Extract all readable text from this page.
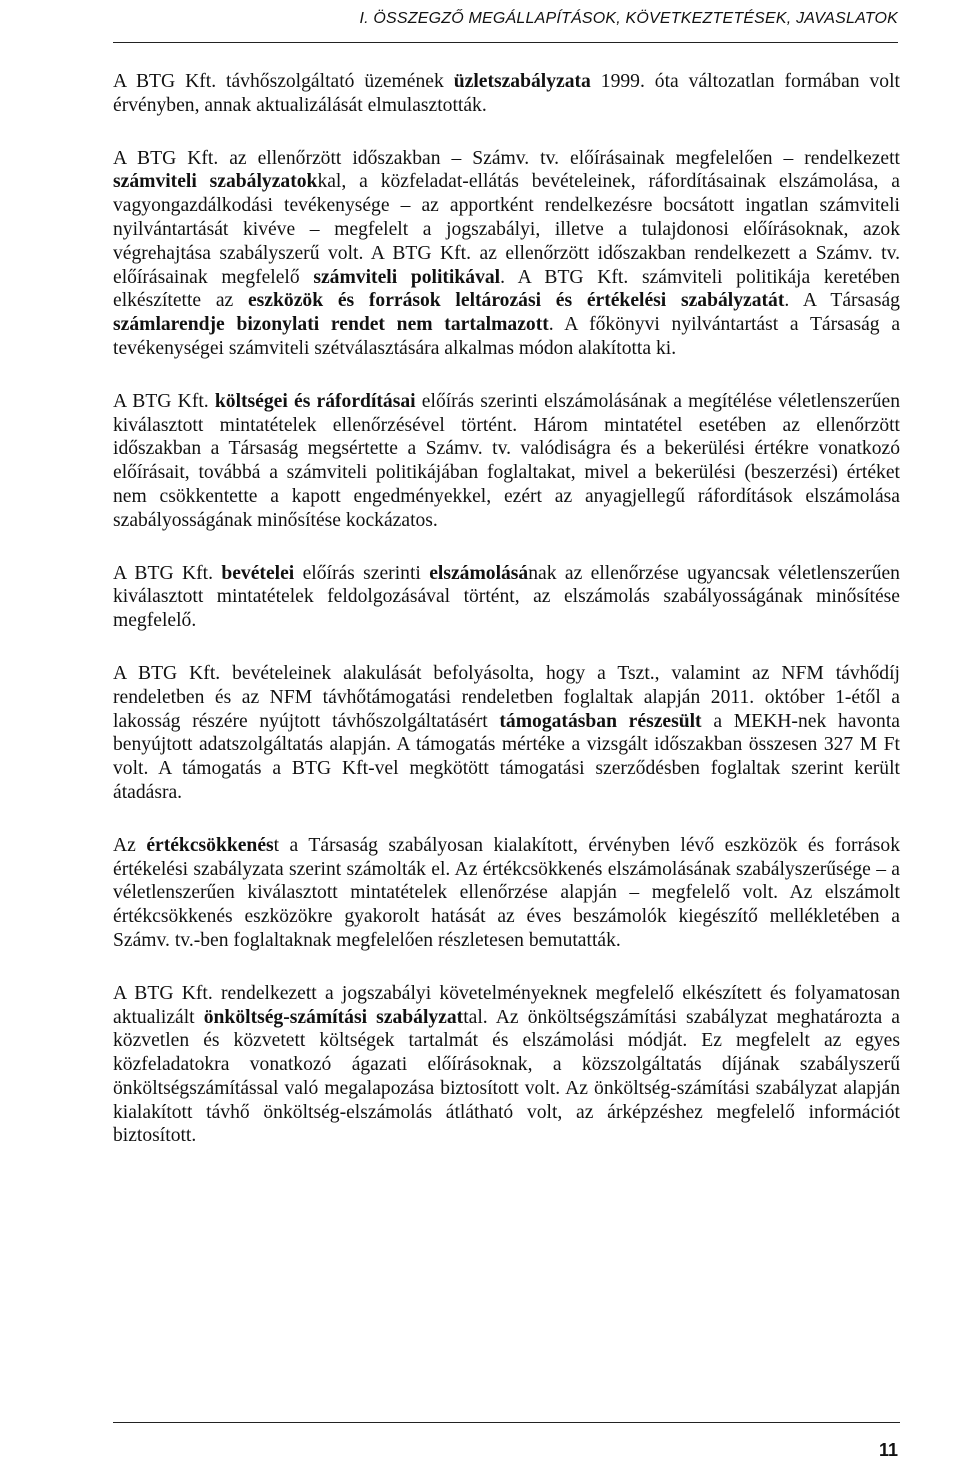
I. ÖSSZEGZŐ MEGÁLLAPÍTÁSOK, KÖVETKEZTETÉSEK, JAVASLATOK

A BTG Kft. távhőszolgáltató üzemének üzletszabályzata 1999. óta változatlan formában volt érvényben, annak aktualizálását elmulasztották.

A BTG Kft. az ellenőrzött időszakban – Számv. tv. előírásainak megfelelően – rendelkezett számviteli szabályzatokkal, a közfeladat-ellátás bevételeinek, ráfordításainak elszámolása, a vagyongazdálkodási tevékenysége – az apportként rendelkezésre bocsátott ingatlan számviteli nyilvántartását kivéve – megfelelt a jogszabályi, illetve a tulajdonosi előírásoknak, azok végrehajtása szabályszerű volt. A BTG Kft. az ellenőrzött időszakban rendelkezett a Számv. tv. előírásainak megfelelő számviteli politikával. A BTG Kft. számviteli politikája keretében elkészítette az eszközök és források leltározási és értékelési szabályzatát. A Társaság számlarendje bizonylati rendet nem tartalmazott. A főkönyvi nyilvántartást a Társaság a tevékenységei számviteli szétválasztására alkalmas módon alakította ki.

A BTG Kft. költségei és ráfordításai előírás szerinti elszámolásának a megítélése véletlenszerűen kiválasztott mintatételek ellenőrzésével történt. Három mintatétel esetében az ellenőrzött időszakban a Társaság megsértette a Számv. tv. valódiságra és a bekerülési értékre vonatkozó előírásait, továbbá a számviteli politikájában foglaltakat, mivel a bekerülési (beszerzési) értéket nem csökkentette a kapott engedményekkel, ezért az anyagjellegű ráfordítások elszámolása szabályosságának minősítése kockázatos.

A BTG Kft. bevételei előírás szerinti elszámolásának az ellenőrzése ugyancsak véletlenszerűen kiválasztott mintatételek feldolgozásával történt, az elszámolás szabályosságának minősítése megfelelő.

A BTG Kft. bevételeinek alakulását befolyásolta, hogy a Tszt., valamint az NFM távhődíj rendeletben és az NFM távhőtámogatási rendeletben foglaltak alapján 2011. október 1-étől a lakosság részére nyújtott távhőszolgáltatásért támogatásban részesült a MEKH-nek havonta benyújtott adatszolgáltatás alapján. A támogatás mértéke a vizsgált időszakban összesen 327 M Ft volt. A támogatás a BTG Kft-vel megkötött támogatási szerződésben foglaltak szerint került átadásra.

Az értékcsökkenést a Társaság szabályosan kialakított, érvényben lévő eszközök és források értékelési szabályzata szerint számolták el. Az értékcsökkenés elszámolásának szabályszerűsége – a véletlenszerűen kiválasztott mintatételek ellenőrzése alapján – megfelelő volt. Az elszámolt értékcsökkenés eszközökre gyakorolt hatását az éves beszámolók kiegészítő mellékletében a Számv. tv.-ben foglaltaknak megfelelően részletesen bemutatták.

A BTG Kft. rendelkezett a jogszabályi követelményeknek megfelelő elkészített és folyamatosan aktualizált önköltség-számítási szabályzattal. Az önköltségszámítási szabályzat meghatározta a közvetlen és közvetett költségek tartalmát és elszámolási módját. Ez megfelelt az egyes közfeladatokra vonatkozó ágazati előírásoknak, a közszolgáltatás díjának szabályszerű önköltségszámítással való megalapozása biztosított volt. Az önköltség-számítási szabályzat alapján kialakított távhő önköltség-elszámolás átlátható volt, az árképzéshez megfelelő információt biztosított.

11
